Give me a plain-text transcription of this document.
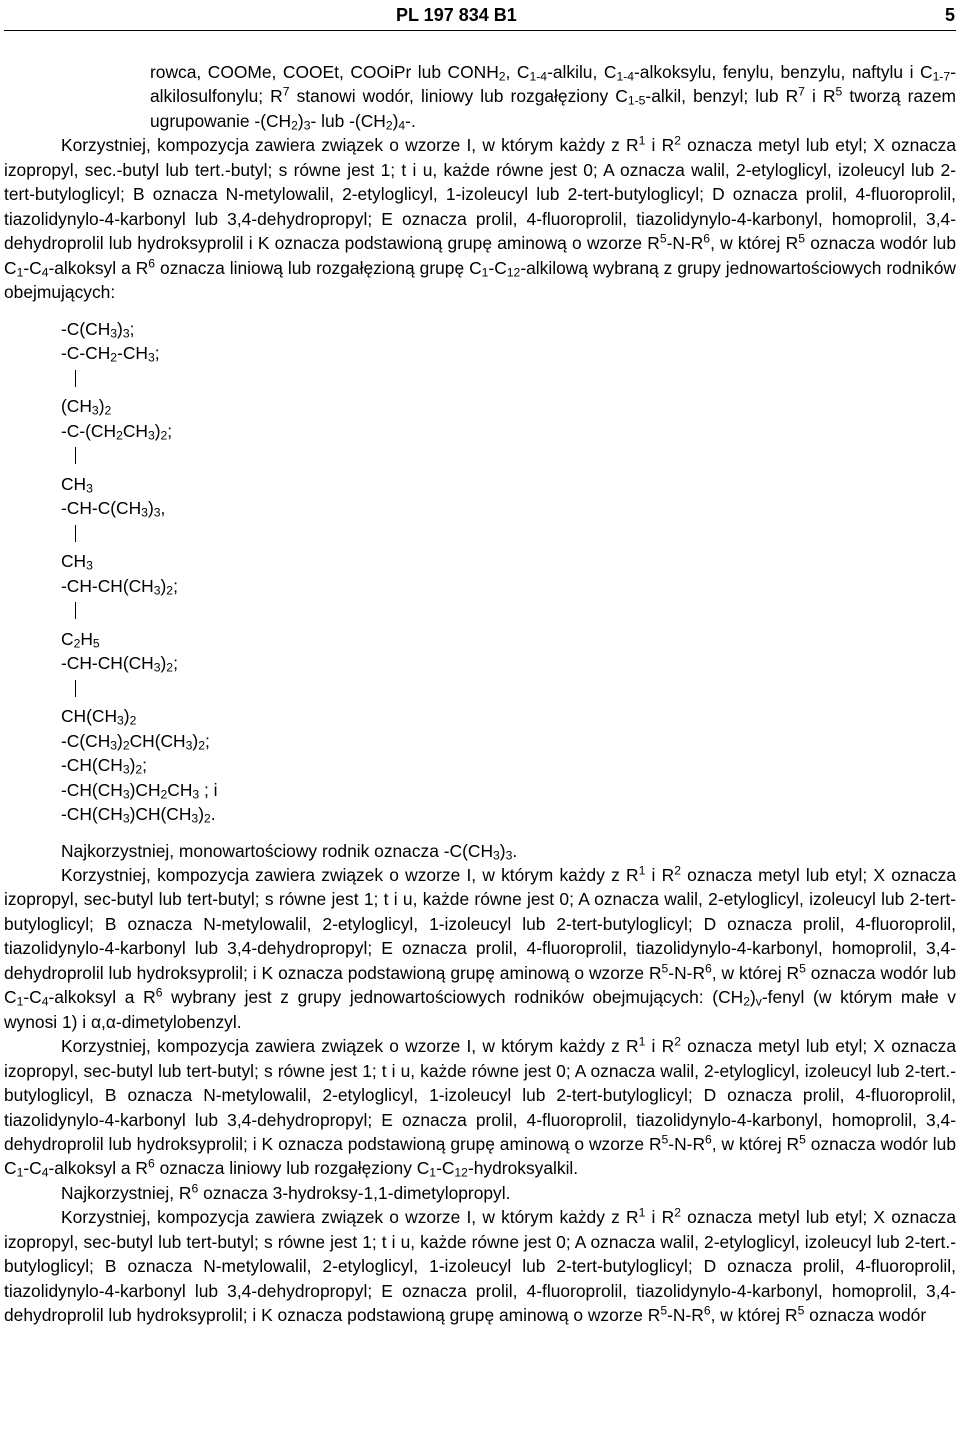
PL 197 834 B1	5

rowca, COOMe, COOEt, COOiPr lub $CONH_2$, $C_{1-4}$-alkilu, $C_{1-4}$-alkoksylu, fenylu, benzylu, naftylu i $C_{1-7}$-alkilosulfonylu; $R^7$ stanowi wodór, liniowy lub rozgałęziony $C_{1-5}$-alkil, benzyl; lub $R^7$ i $R^5$ tworzą razem ugrupowanie $-(CH_2)_3-$ lub $-(CH_2)_4-$.

Korzystniej, kompozycja zawiera związek o wzorze I, w którym każdy z $R^1$ i $R^2$ oznacza metyl lub etyl; X oznacza izopropyl, sec.-butyl lub tert.-butyl; s równe jest 1; t i u, każde równe jest 0; A oznacza walil, 2-etyloglicyl, izoleucyl lub 2-tert-butyloglicyl; B oznacza N-metylowalil, 2-etyloglicyl, 1-izoleucyl lub 2-tert-butyloglicyl; D oznacza prolil, 4-fluoroprolil, tiazolidynylo-4-karbonyl lub 3,4-dehydropropyl; E oznacza prolil, 4-fluoroprolil, tiazolidynylo-4-karbonyl, homoprolil, 3,4-dehydroprolil lub hydroksyprolil i K oznacza podstawioną grupę aminową o wzorze $R^5-N-R^6$, w której $R^5$ oznacza wodór lub $C_1-C_4$-alkoksyl a $R^6$ oznacza liniową lub rozgałęzioną grupę $C_1-C_{12}$-alkilową wybraną z grupy jednowartościowych rodników obejmujących:

$-C(CH_3)_3$;
$-C-CH_2-CH_3$;
$(CH_3)_2$
$-C-(CH_2CH_3)_2$;
$CH_3$
$-CH-C(CH_3)_3$,
$CH_3$
$-CH-CH(CH_3)_2$;
$C_2H_5$
$-CH-CH(CH_3)_2$;
$CH(CH_3)_2$
$-C(CH_3)_2CH(CH_3)_2$;
$-CH(CH_3)_2$;
$-CH(CH_3)CH_2CH_3$ ; i
$-CH(CH_3)CH(CH_3)_2$.

Najkorzystniej, monowartościowy rodnik oznacza $-C(CH_3)_3$.

Korzystniej, kompozycja zawiera związek o wzorze I, w którym każdy z $R^1$ i $R^2$ oznacza metyl lub etyl; X oznacza izopropyl, sec-butyl lub tert-butyl; s równe jest 1; t i u, każde równe jest 0; A oznacza walil, 2-etyloglicyl, izoleucyl lub 2-tert-butyloglicyl; B oznacza N-metylowalil, 2-etyloglicyl, 1-izoleucyl lub 2-tert-butyloglicyl; D oznacza prolil, 4-fluoroprolil, tiazolidynylo-4-karbonyl lub 3,4-dehydropropyl; E oznacza prolil, 4-fluoroprolil, tiazolidynylo-4-karbonyl, homoprolil, 3,4-dehydroprolil lub hydroksyprolil; i K oznacza podstawioną grupę aminową o wzorze $R^5-N-R^6$, w której $R^5$ oznacza wodór lub $C_1-C_4$-alkoksyl a $R^6$ wybrany jest z grupy jednowartościowych rodników obejmujących: $(CH_2)_v$-fenyl (w którym małe v wynosi 1) i α,α-dimetylobenzyl.

Korzystniej, kompozycja zawiera związek o wzorze I, w którym każdy z $R^1$ i $R^2$ oznacza metyl lub etyl; X oznacza izopropyl, sec-butyl lub tert-butyl; s równe jest 1; t i u, każde równe jest 0; A oznacza walil, 2-etyloglicyl, izoleucyl lub 2-tert.-butyloglicyl, B oznacza N-metylowalil, 2-etyloglicyl, 1-izoleucyl lub 2-tert-butyloglicyl; D oznacza prolil, 4-fluoroprolil, tiazolidynylo-4-karbonyl lub 3,4-dehydropropyl; E oznacza prolil, 4-fluoroprolil, tiazolidynylo-4-karbonyl, homoprolil, 3,4-dehydroprolil lub hydroksyprolil; i K oznacza podstawioną grupę aminową o wzorze $R^5-N-R^6$, w której $R^5$ oznacza wodór lub $C_1-C_4$-alkoksyl a $R^6$ oznacza liniowy lub rozgałęziony $C_1-C_{12}$-hydroksyalkil.

Najkorzystniej, $R^6$ oznacza 3-hydroksy-1,1-dimetylopropyl.

Korzystniej, kompozycja zawiera związek o wzorze I, w którym każdy z $R^1$ i $R^2$ oznacza metyl lub etyl; X oznacza izopropyl, sec-butyl lub tert-butyl; s równe jest 1; t i u, każde równe jest 0; A oznacza walil, 2-etyloglicyl, izoleucyl lub 2-tert.-butyloglicyl; B oznacza N-metylowalil, 2-etyloglicyl, 1-izoleucyl lub 2-tert-butyloglicyl; D oznacza prolil, 4-fluoroprolil, tiazolidynylo-4-karbonyl lub 3,4-dehydropropyl; E oznacza prolil, 4-fluoroprolil, tiazolidynylo-4-karbonyl, homoprolil, 3,4-dehydroprolil lub hydroksyprolil; i K oznacza podstawioną grupę aminową o wzorze $R^5-N-R^6$, w której $R^5$ oznacza wodór
